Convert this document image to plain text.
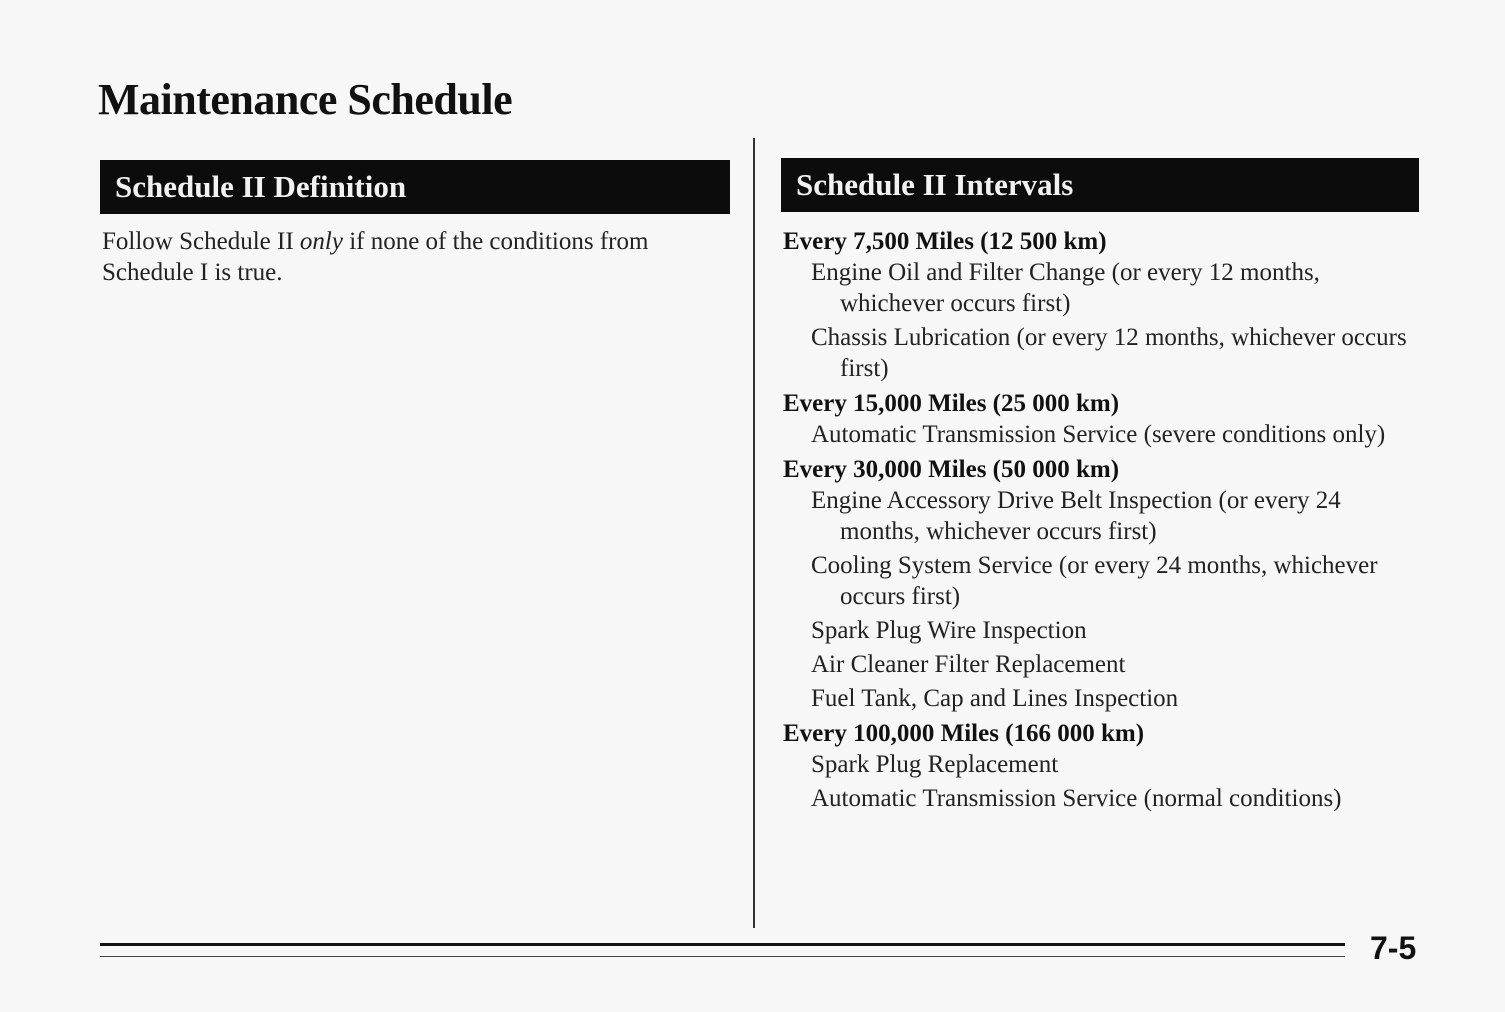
Maintenance Schedule
Schedule II Definition

Follow Schedule II only if none of the conditions from Schedule I is true.

Schedule II Intervals

Every 7,500 Miles (12 500 km)

Engine Oil and Filter Change (or every 12 months, whichever occurs first)

Chassis Lubrication (or every 12 months, whichever occurs first)

Every 15,000 Miles (25 000 km)

Automatic Transmission Service (severe conditions only)

Every 30,000 Miles (50 000 km)

Engine Accessory Drive Belt Inspection (or every 24 months, whichever occurs first)

Cooling System Service (or every 24 months, whichever occurs first)

Spark Plug Wire Inspection

Air Cleaner Filter Replacement

Fuel Tank, Cap and Lines Inspection

Every 100,000 Miles (166 000 km)

Spark Plug Replacement

Automatic Transmission Service (normal conditions)

7-5
